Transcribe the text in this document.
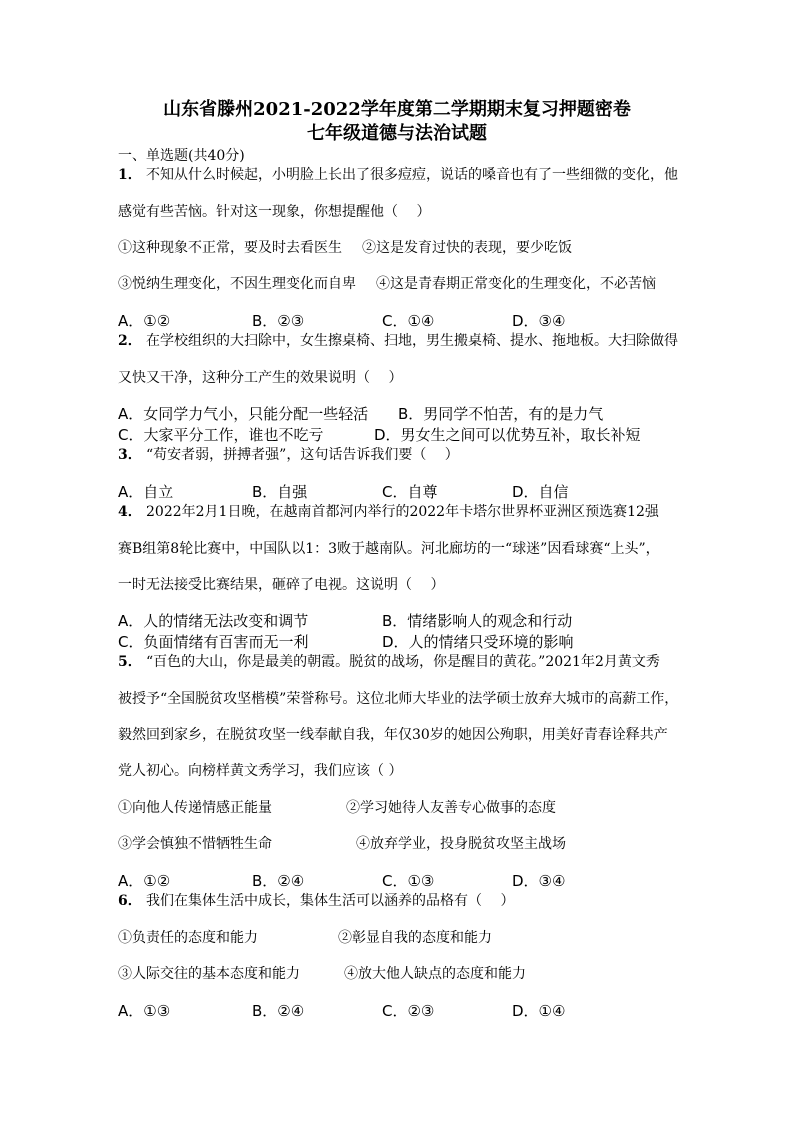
山东省滕州2021-2022学年度第二学期期末复习押题密卷
七年级道德与法治试题
一、单选题(共40分)
1． 不知从什么时候起，小明脸上长出了很多痘痘，说话的嗓音也有了一些细微的变化，他
感觉有些苦恼。针对这一现象，你想提醒他（　 ）
①这种现象不正常，要及时去看医生 ②这是发育过快的表现，要少吃饭
③悦纳生理变化，不因生理变化而自卑 ④这是青春期正常变化的生理变化，不必苦恼
A．①②	B．②③	C．①④	D．③④
2． 在学校组织的大扫除中，女生擦桌椅、扫地，男生搬桌椅、提水、拖地板。大扫除做得
又快又干净，这种分工产生的效果说明（　 ）
A．女同学力气小，只能分配一些轻活 B．男同学不怕苦，有的是力气
C．大家平分工作，谁也不吃亏	D．男女生之间可以优势互补，取长补短
3． “苟安者弱，拼搏者强”，这句话告诉我们要（　 ）
A．自立	B．自强	C．自尊	D．自信
4． 2022年2月1日晚，在越南首都河内举行的2022年卡塔尔世界杯亚洲区预选赛12强
赛B组第8轮比赛中，中国队以1：3败于越南队。河北廊坊的一“球迷”因看球赛“上头”，
一时无法接受比赛结果，砸碎了电视。这说明（　 ）
A．人的情绪无法改变和调节	B．情绪影响人的观念和行动
C．负面情绪有百害而无一利	D．人的情绪只受环境的影响
5． “百色的大山，你是最美的朝霞。脱贫的战场，你是醒目的黄花。”2021年2月黄文秀
被授予“全国脱贫攻坚楷模”荣誉称号。这位北师大毕业的法学硕士放弃大城市的高薪工作，
毅然回到家乡，在脱贫攻坚一线奉献自我，年仅30岁的她因公殉职，用美好青春诠释共产
党人初心。向榜样黄文秀学习，我们应该（ ）
①向他人传递情感正能量	②学习她待人友善专心做事的态度
③学会慎独不惜牺牲生命	④放弃学业，投身脱贫攻坚主战场
A．①②	B．②④	C．①③	D．③④
6． 我们在集体生活中成长，集体生活可以涵养的品格有（　 ）
①负责任的态度和能力	②彰显自我的态度和能力
③人际交往的基本态度和能力	④放大他人缺点的态度和能力
A．①③	B．②④	C．②③	D．①④
